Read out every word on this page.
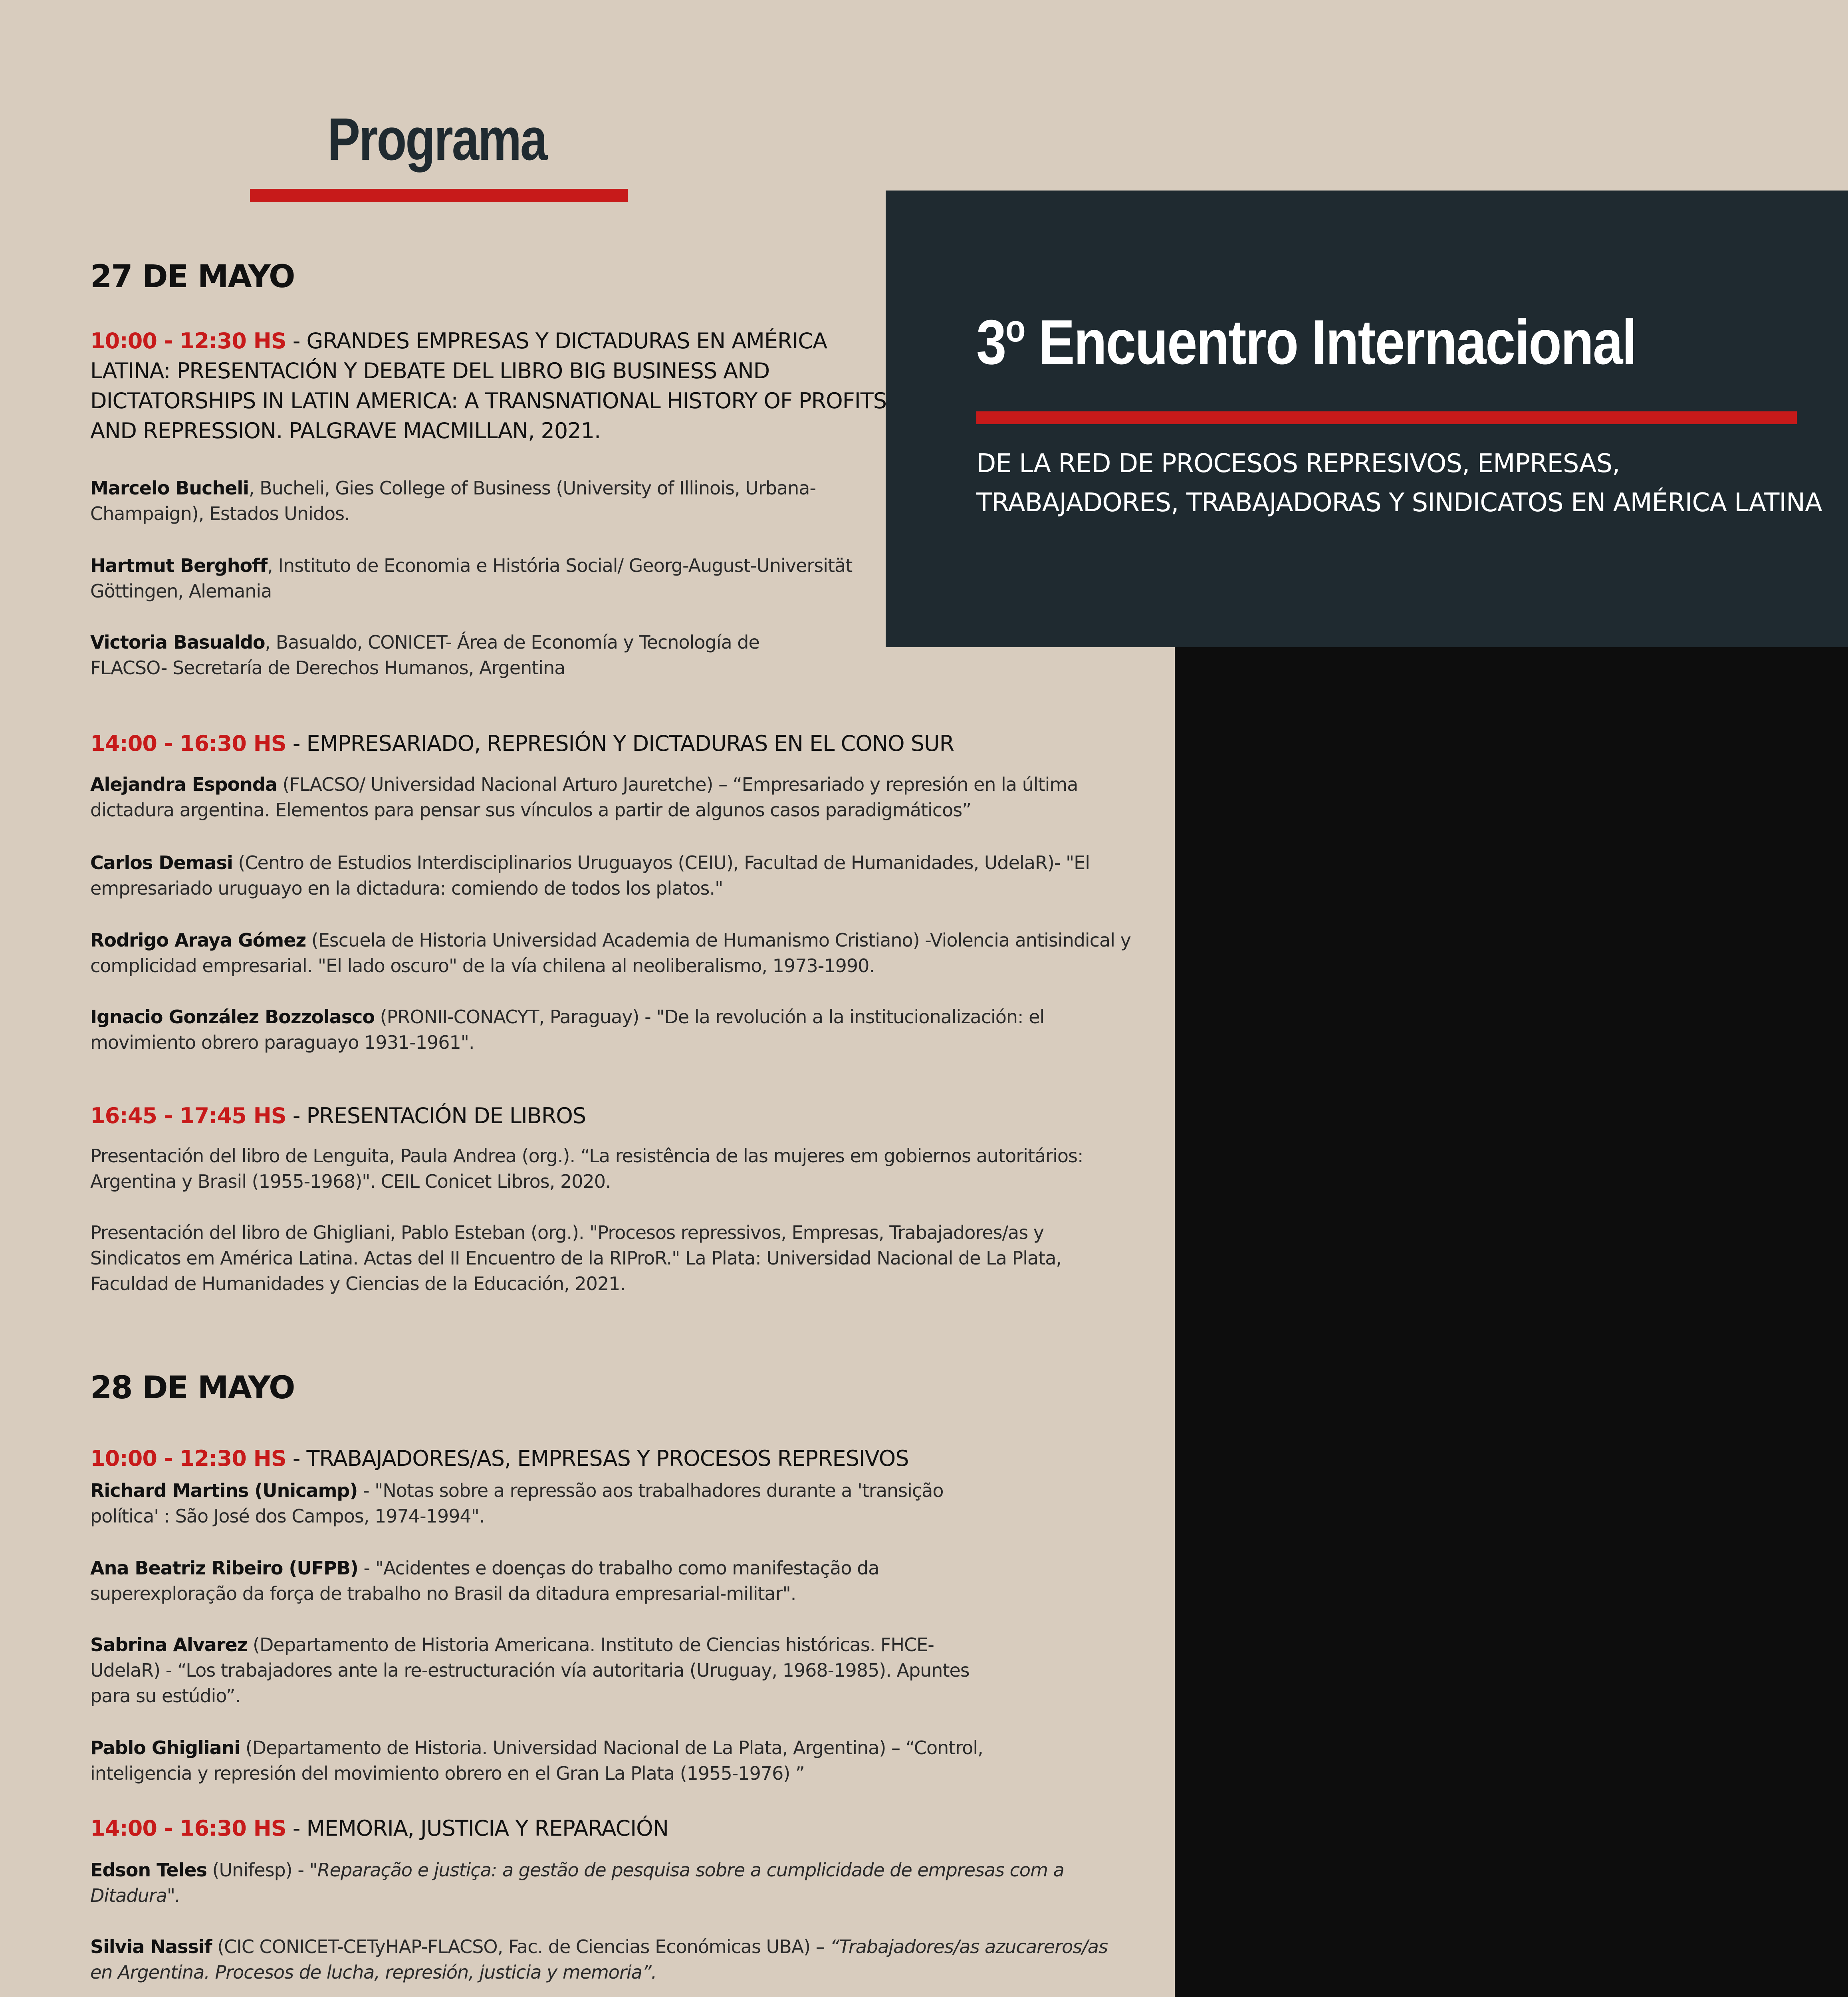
3$^o$ Encuentro Internacional

DE LA RED DE PROCESOS REPRESIVOS, EMPRESAS, TRABAJADORES, TRABAJADORAS Y SINDICATOS EN AMÉRICA LATINA

Programa
27 DE MAYO

10:00 - 12:30 HS - GRANDES EMPRESAS Y DICTADURAS EN AMÉRICA LATINA: PRESENTACIÓN Y DEBATE DEL LIBRO BIG BUSINESS AND DICTATORSHIPS IN LATIN AMERICA: A TRANSNATIONAL HISTORY OF PROFITS AND REPRESSION. PALGRAVE MACMILLAN, 2021.

Marcelo Bucheli, Bucheli, Gies College of Business (University of Illinois, Urbana-Champaign), Estados Unidos.

Hartmut Berghoff, Instituto de Economia e História Social/ Georg-August-Universität Göttingen, Alemania

Victoria Basualdo, Basualdo, CONICET- Área de Economía y Tecnología de FLACSO- Secretaría de Derechos Humanos, Argentina

14:00 - 16:30 HS - EMPRESARIADO, REPRESIÓN Y DICTADURAS EN EL CONO SUR

Alejandra Esponda (FLACSO/ Universidad Nacional Arturo Jauretche) – “Empresariado y represión en la última dictadura argentina. Elementos para pensar sus vínculos a partir de algunos casos paradigmáticos”

Carlos Demasi (Centro de Estudios Interdisciplinarios Uruguayos (CEIU), Facultad de Humanidades, UdelaR)- "El empresariado uruguayo en la dictadura: comiendo de todos los platos."

Rodrigo Araya Gómez (Escuela de Historia Universidad Academia de Humanismo Cristiano) -Violencia antisindical y complicidad empresarial. "El lado oscuro" de la vía chilena al neoliberalismo, 1973-1990.

Ignacio González Bozzolasco (PRONII-CONACYT, Paraguay) - "De la revolución a la institucionalización: el movimiento obrero paraguayo 1931-1961".

16:45 - 17:45 HS - PRESENTACIÓN DE LIBROS

Presentación del libro de Lenguita, Paula Andrea (org.). “La resistência de las mujeres em gobiernos autoritários: Argentina y Brasil (1955-1968)". CEIL Conicet Libros, 2020.

Presentación del libro de Ghigliani, Pablo Esteban (org.). "Procesos repressivos, Empresas, Trabajadores/as y Sindicatos em América Latina. Actas del II Encuentro de la RIProR." La Plata: Universidad Nacional de La Plata, Faculdad de Humanidades y Ciencias de la Educación, 2021.

28 DE MAYO

10:00 - 12:30 HS - TRABAJADORES/AS, EMPRESAS Y PROCESOS REPRESIVOS

Richard Martins (Unicamp) - "Notas sobre a repressão aos trabalhadores durante a 'transição política' : São José dos Campos, 1974-1994".

Ana Beatriz Ribeiro (UFPB) - "Acidentes e doenças do trabalho como manifestação da superexploração da força de trabalho no Brasil da ditadura empresarial-militar".

Sabrina Alvarez (Departamento de Historia Americana. Instituto de Ciencias históricas. FHCE-UdelaR) - “Los trabajadores ante la re-estructuración vía autoritaria (Uruguay, 1968-1985). Apuntes para su estúdio”.

Pablo Ghigliani (Departamento de Historia. Universidad Nacional de La Plata, Argentina) – “Control, inteligencia y represión del movimiento obrero en el Gran La Plata (1955-1976) ”

14:00 - 16:30 HS - MEMORIA, JUSTICIA Y REPARACIÓN

Edson Teles (Unifesp) - "Reparação e justiça: a gestão de pesquisa sobre a cumplicidade de empresas com a Ditadura".

Silvia Nassif (CIC CONICET-CETyHAP-FLACSO, Fac. de Ciencias Económicas UBA) – “Trabajadores/as azucareros/as en Argentina. Procesos de lucha, represión, justicia y memoria”.
